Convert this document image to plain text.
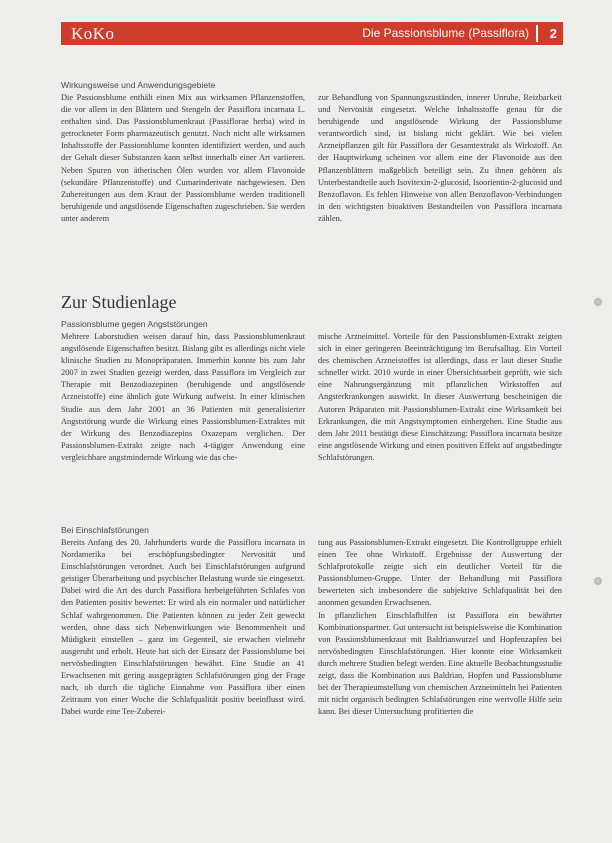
KoKo	Die Passionsblume (Passiflora) 2
Wirkungsweise und Anwendungsgebiete

Die Passionsblume enthält einen Mix aus wirksamen Pflanzenstoffen, die vor allem in den Blättern und Stengeln der Passiflora incarnata L. enthalten sind. Das Passionsblumenkraut (Passiflorae herba) wird in getrockneter Form pharmazeutisch genutzt. Noch nicht alle wirksamen Inhaltsstoffe der Passionsblume konnten identifiziert werden, und auch der Gehalt dieser Substanzen kann selbst innerhalb einer Art variieren. Neben Spuren von ätherischen Ölen wurden vor allem Flavonoide (sekundäre Pflanzenstoffe) und Cumarinderivate nachgewiesen. Den Zubereitungen aus dem Kraut der Passionsblume werden traditionell beruhigende und angstlösende Eigenschaften zugeschrieben. Sie werden unter anderem

zur Behandlung von Spannungszuständen, innerer Unruhe, Reizbarkeit und Nervosität eingesetzt. Welche Inhaltsstoffe genau für die beruhigende und angstlösende Wirkung der Passionsblume verantwortlich sind, ist bislang nicht geklärt. Wie bei vielen Arzneipflanzen gilt für Passiflora der Gesamtextrakt als Wirkstoff. An der Hauptwirkung scheinen vor allem eine der Flavonoide aus den Pflanzenblättern maßgeblich beteiligt sein. Zu ihnen gehören als Unterbestandteile auch Isovitexin-2-glucosid, Isoorientin-2-glucosid und Benzoflavon. Es fehlen Hinweise von allen Benzoflavon-Verbindungen in den wichtigsten bioaktiven Bestandteilen von Passiflora incarnata zählen.

Zur Studienlage
Passionsblume gegen Angststörungen

Mehrere Laborstudien weisen darauf hin, dass Passionsblumenkraut angstlösende Eigenschaften besitzt. Bislang gibt es allerdings nicht viele klinische Studien zu Monopräparaten. Immerhin konnte bis zum Jahr 2007 in zwei Studien gezeigt werden, dass Passiflora im Vergleich zur Therapie mit Benzodiazepinen (beruhigende und angstlösende Arzneistoffe) eine ähnlich gute Wirkung aufweist. In einer klinischen Studie aus dem Jahr 2001 an 36 Patienten mit generalisierter Angststörung wurde die Wirkung eines Passionsblumen-Extraktes mit der Wirkung des Benzodiazepins Oxazepam verglichen. Der Passionsblumen-Extrakt zeigte nach 4-tägiger Anwendung eine vergleichbare angstmindernde Wirkung wie das che-

mische Arzneimittel. Vorteile für den Passionsblumen-Extrakt zeigten sich in einer geringeren Beeinträchtigung im Berufsalltag. Ein Vorteil des chemischen Arzneistoffes ist allerdings, dass er laut dieser Studie schneller wirkt. 2010 wurde in einer Übersichtsarbeit geprüft, wie sich eine Nahrungsergänzung mit pflanzlichen Wirkstoffen auf Angsterkrankungen auswirkt. In dieser Auswertung bescheinigen die Autoren Präparaten mit Passionsblumen-Extrakt eine Wirksamkeit bei Erkrankungen, die mit Angstsymptomen einhergehen. Eine Studie aus dem Jahr 2011 bestätigt diese Einschätzung: Passiflora incarnata besitze eine angstlösende Wirkung und einen positiven Effekt auf angstbedingte Schlafstörungen.

Bei Einschlafstörungen

Bereits Anfang des 20. Jahrhunderts wurde die Passiflora incarnata in Nordamerika bei erschöpfungsbedingter Nervosität und Einschlafstörungen verordnet. Auch bei Einschlafstörungen aufgrund geistiger Überarbeitung und psychischer Belastung wurde sie eingesetzt. Dabei wird die Art des durch Passiflora herbeigeführten Schlafes von den Patienten positiv bewertet: Er wird als ein normaler und natürlicher Schlaf wahrgenommen. Die Patienten können zu jeder Zeit geweckt werden, ohne dass sich Nebenwirkungen wie Benommenheit und Müdigkeit einstellen – ganz im Gegenteil, sie erwachen vielmehr ausgeruht und erholt. Heute hat sich der Einsatz der Passionsblume bei nervösbedingten Einschlafstörungen bewährt. Eine Studie an 41 Erwachsenen mit gering ausgeprägten Schlafstörungen ging der Frage nach, ob durch die tägliche Einnahme von Passiflora über einen Zeitraum von einer Woche die Schlafqualität positiv beeinflusst wird. Dabei wurde eine Tee-Zuberei-

tung aus Passionsblumen-Extrakt eingesetzt. Die Kontrollgruppe erhielt einen Tee ohne Wirkstoff. Ergebnisse der Auswertung der Schlafprotokolle zeigte sich ein deutlicher Vorteil für die Passionsblumen-Gruppe. Unter der Behandlung mit Passiflora bewerteten sich insbesondere die subjektive Schlafqualität bei den anonmen gesunden Erwachsenen.
In pflanzlichen Einschlafhilfen ist Passiflora ein bewährter Kombinationspartner. Gut untersucht ist beispielsweise die Kombination von Passionsblumenkraut mit Baldrianwurzel und Hopfenzapfen bei nervösbedingten Einschlafstörungen. Hier konnte eine Wirksamkeit durch mehrere Studien belegt werden. Eine aktuelle Beobachtungsstudie zeigt, dass die Kombination aus Baldrian, Hopfen und Passionsblume bei der Therapieumstellung von chemischen Arzneimitteln bei Patienten mit nicht organisch bedingten Schlafstörungen eine wertvolle Hilfe sein kann. Bei dieser Untersuchung profitierten die
